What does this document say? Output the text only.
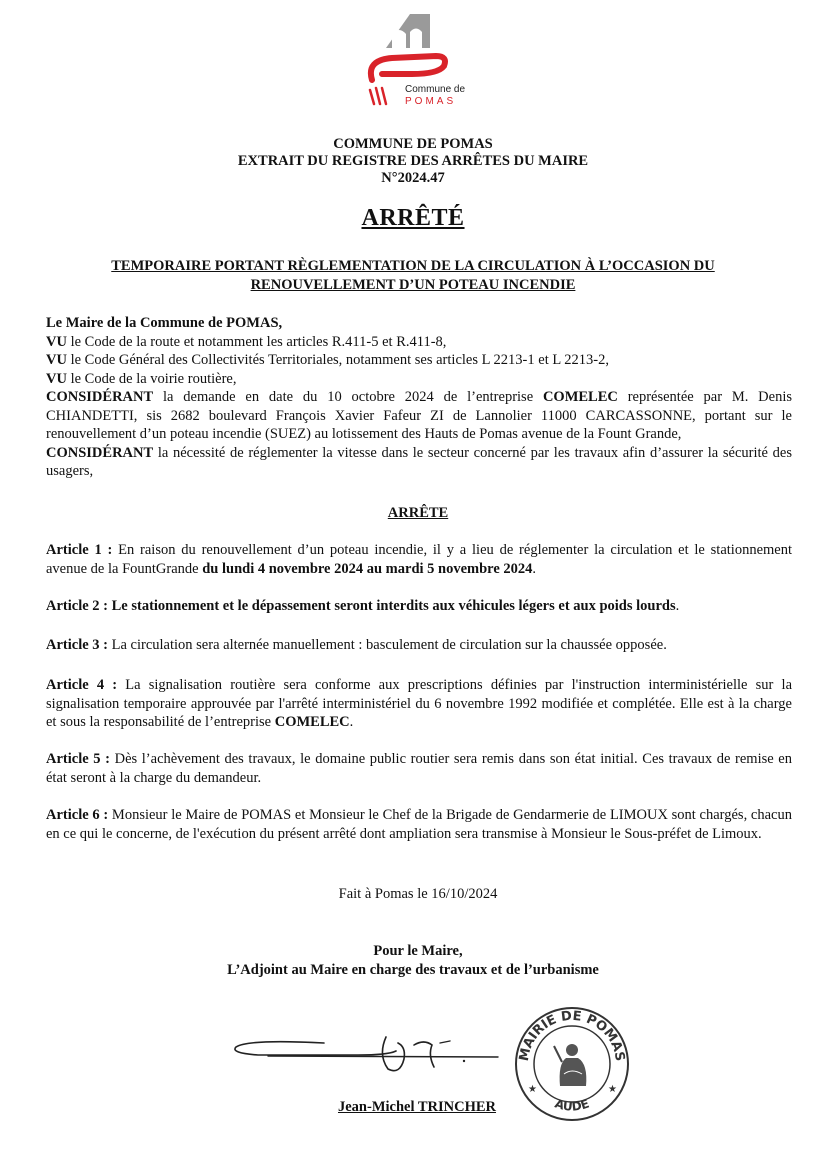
Commune de
POMAS
COMMUNE DE POMAS
EXTRAIT DU REGISTRE DES ARRÊTES DU MAIRE
N°2024.47
ARRÊTÉ
TEMPORAIRE PORTANT RÈGLEMENTATION DE LA CIRCULATION À L’OCCASION DU RENOUVELLEMENT D’UN POTEAU INCENDIE

Le Maire de la Commune de POMAS,

VU le Code de la route et notamment les articles R.411-5 et R.411-8,

VU le Code Général des Collectivités Territoriales, notamment ses articles L 2213-1 et L 2213-2,

VU le Code de la voirie routière,

CONSIDÉRANT la demande en date du 10 octobre 2024 de l’entreprise COMELEC représentée par M. Denis CHIANDETTI, sis 2682 boulevard François Xavier Fafeur ZI de Lannolier 11000 CARCASSONNE, portant sur le renouvellement d’un poteau incendie (SUEZ) au lotissement des Hauts de Pomas avenue de la Fount Grande,

CONSIDÉRANT la nécessité de réglementer la vitesse dans le secteur concerné par les travaux afin d’assurer la sécurité des usagers,

ARRÊTE
Article 1 : En raison du renouvellement d’un poteau incendie, il y a lieu de réglementer la circulation et le stationnement avenue de la FountGrande du lundi 4 novembre 2024 au mardi 5 novembre 2024.
Article 2 : Le stationnement et le dépassement seront interdits aux véhicules légers et aux poids lourds.
Article 3 : La circulation sera alternée manuellement : basculement de circulation sur la chaussée opposée.
Article 4 : La signalisation routière sera conforme aux prescriptions définies par l'instruction interministérielle sur la signalisation temporaire approuvée par l'arrêté interministériel du 6 novembre 1992 modifiée et complétée. Elle est à la charge et sous la responsabilité de l’entreprise COMELEC.
Article 5 : Dès l’achèvement des travaux, le domaine public routier sera remis dans son état initial. Ces travaux de remise en état seront à la charge du demandeur.
Article 6 : Monsieur le Maire de POMAS et Monsieur le Chef de la Brigade de Gendarmerie de LIMOUX sont chargés, chacun en ce qui le concerne, de l'exécution du présent arrêté dont ampliation sera transmise à Monsieur le Sous-préfet de Limoux.
Fait à Pomas le 16/10/2024
Pour le Maire,
L’Adjoint au Maire en charge des travaux et de l’urbanisme
MAIRIE DE POMAS
AUDE
★	★
Jean-Michel TRINCHER
